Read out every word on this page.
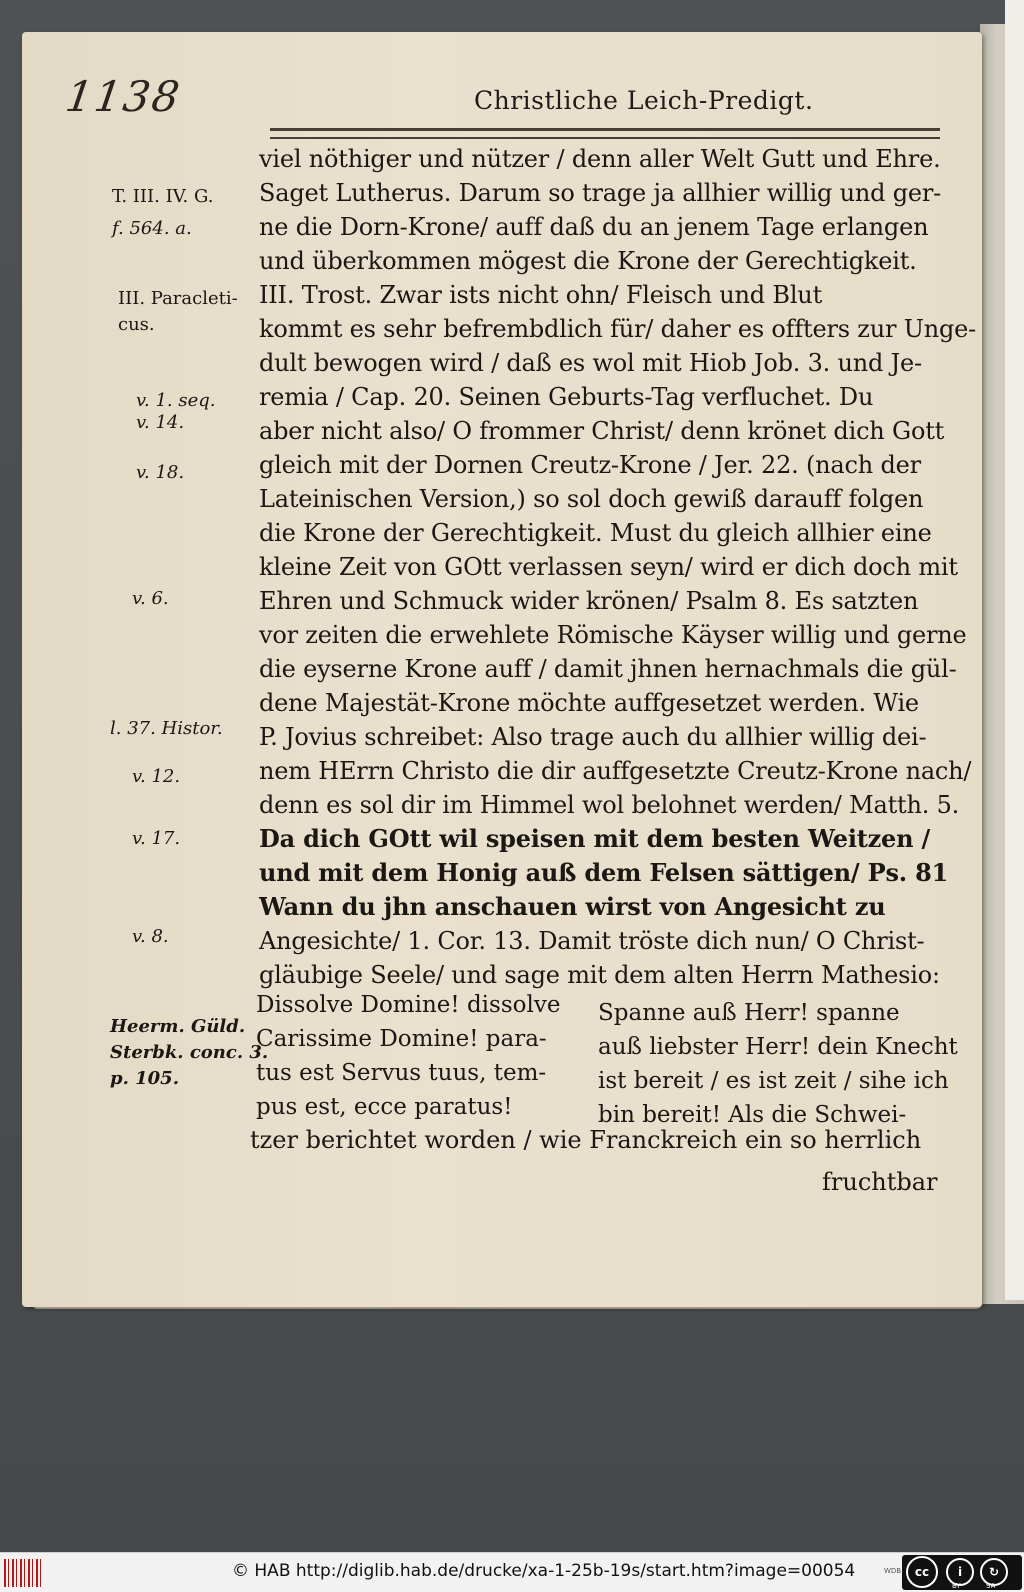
1138	Christliche Leich-Predigt.
viel nöthiger und nützer / denn aller Welt Gutt und Ehre.
Saget Lutherus. Darum so trage ja allhier willig und ger-
ne die Dorn-Krone/ auff daß du an jenem Tage erlangen
und überkommen mögest die Krone der Gerechtigkeit.
III. Trost. Zwar ists nicht ohn/ Fleisch und Blut
kommt es sehr befrembdlich für/ daher es offters zur Unge-
dult bewogen wird / daß es wol mit Hiob Job. 3. und Je-
remia / Cap. 20. Seinen Geburts-Tag verfluchet. Du
aber nicht also/ O frommer Christ/ denn krönet dich Gott
gleich mit der Dornen Creutz-Krone / Jer. 22. (nach der
Lateinischen Version,) so sol doch gewiß darauff folgen
die Krone der Gerechtigkeit. Must du gleich allhier eine
kleine Zeit von GOtt verlassen seyn/ wird er dich doch mit
Ehren und Schmuck wider krönen/ Psalm 8. Es satzten
vor zeiten die erwehlete Römische Käyser willig und gerne
die eyserne Krone auff / damit jhnen hernachmals die gül-
dene Majestät-Krone möchte auffgesetzet werden. Wie
P. Jovius schreibet: Also trage auch du allhier willig dei-
nem HErrn Christo die dir auffgesetzte Creutz-Krone nach/
denn es sol dir im Himmel wol belohnet werden/ Matth. 5.
Da dich GOtt wil speisen mit dem besten Weitzen /
und mit dem Honig auß dem Felsen sättigen/ Ps. 81
Wann du jhn anschauen wirst von Angesicht zu
Angesichte/ 1. Cor. 13. Damit tröste dich nun/ O Christ-
gläubige Seele/ und sage mit dem alten Herrn Mathesio:
T. III. IV. G.
f. 564. a.
III. Paracleti-
cus.
v. 1. seq.
v. 14.
v. 18.
v. 6.
l. 37. Histor.
v. 12.
v. 17.
v. 8.
Heerm. Güld.
Sterbk. conc. 3.
p. 105.
Dissolve Domine! dissolve
Carissime Domine! para-
tus est Servus tuus, tem-
pus est, ecce paratus!
Spanne auß Herr! spanne
auß liebster Herr! dein Knecht
ist bereit / es ist zeit / sihe ich
bin bereit! Als die Schwei-
tzer berichtet worden / wie Franckreich ein so herrlich
fruchtbar
© HAB http://diglib.hab.de/drucke/xa-1-25b-19s/start.htm?image=00054	WDB	cc	i	↻
BY	SA
